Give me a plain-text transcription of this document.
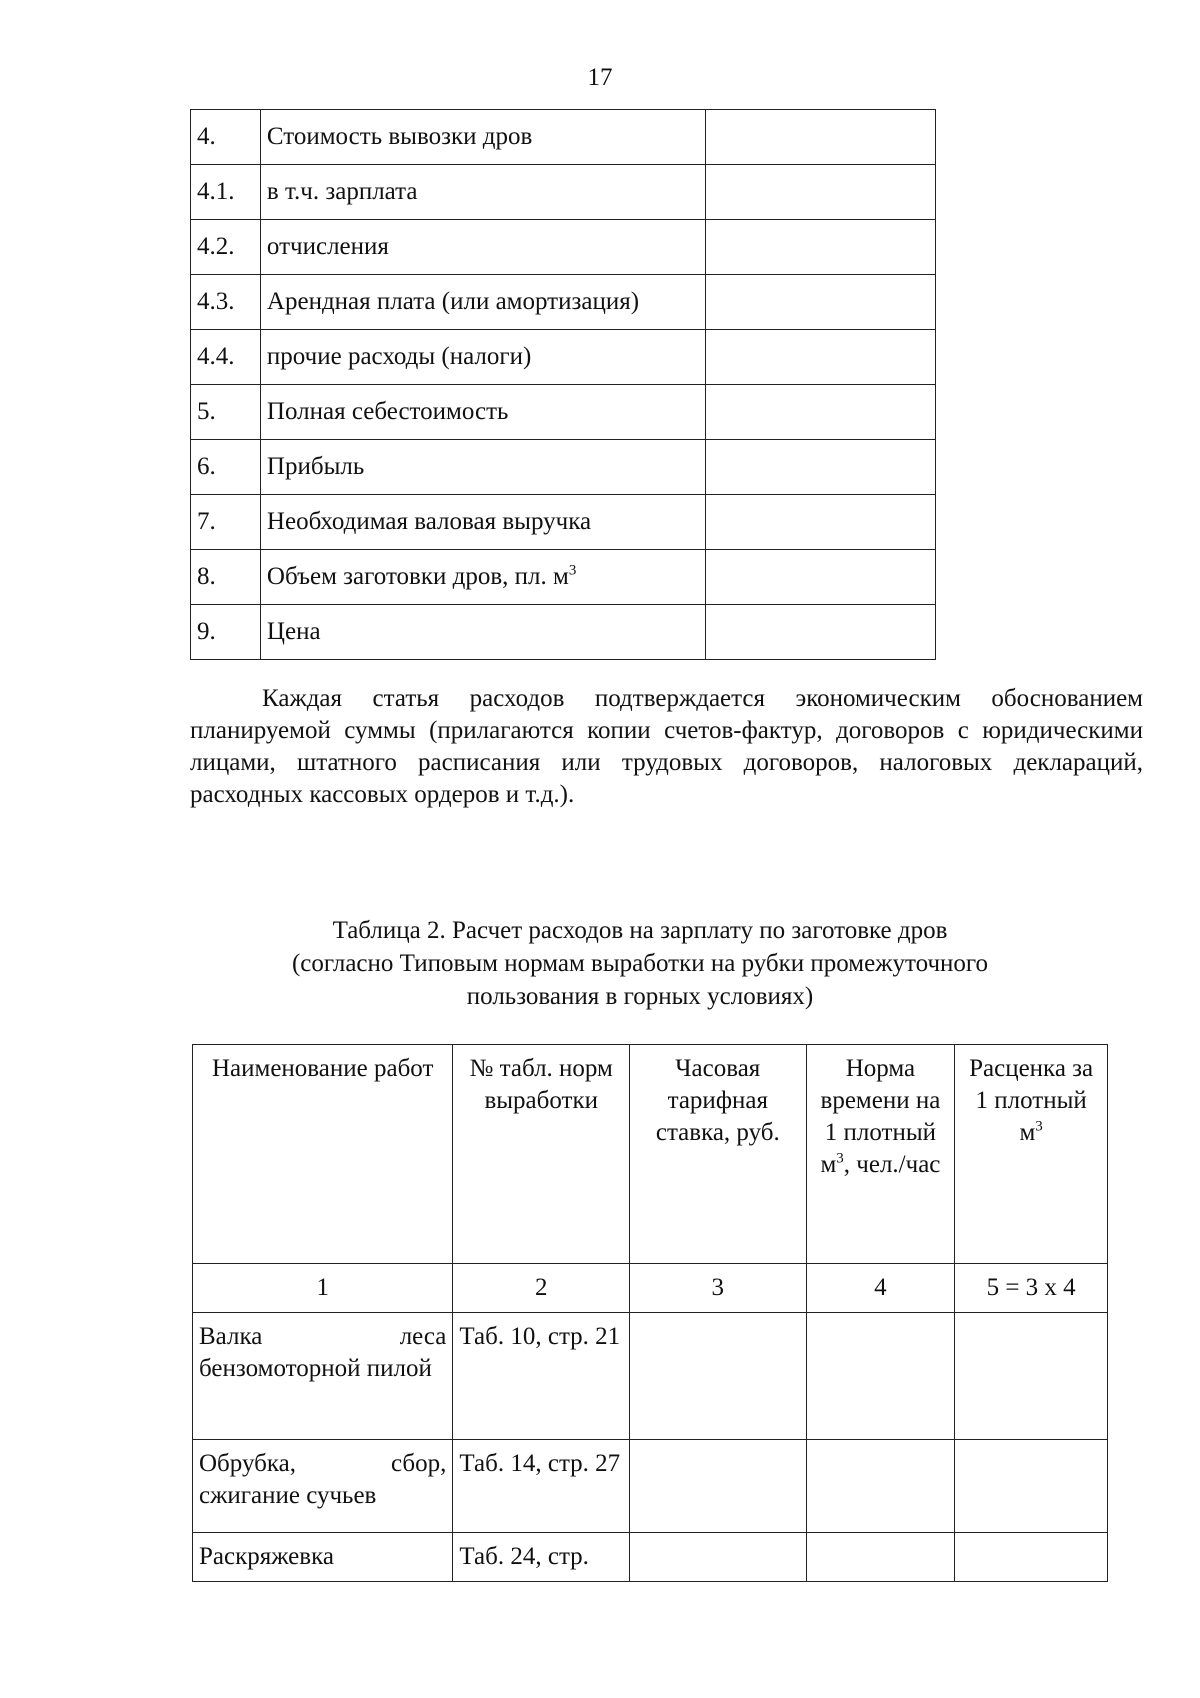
17
4.	Стоимость вывозки дров	
4.1.	в т.ч. зарплата	
4.2.	отчисления	
4.3.	Арендная плата (или амортизация)	
4.4.	прочие расходы (налоги)	
5.	Полная себестоимость	
6.	Прибыль	
7.	Необходимая валовая выручка	
8.	Объем заготовки дров, пл. $м^3$	
9.	Цена	

Каждая статья расходов подтверждается экономическим обоснованием планируемой суммы (прилагаются копии счетов-фактур, договоров с юридическими лицами, штатного расписания или трудовых договоров, налоговых деклараций, расходных кассовых ордеров и т.д.).

Таблица 2. Расчет расходов на зарплату по заготовке дров
(согласно Типовым нормам выработки на рубки промежуточного
пользования в горных условиях)
Наименование работ	№ табл. норм выработки	Часовая тарифная ставка, руб.	Норма времени на 1 плотный $м^3$, чел./час	Расценка за 1 плотный $м^3$
1	2	3	4	5 = 3 х 4
Валка леса бензомоторной пилой	Таб. 10, стр. 21			
Обрубка, сбор, сжигание сучьев	Таб. 14, стр. 27			
Раскряжевка	Таб. 24, стр.			
